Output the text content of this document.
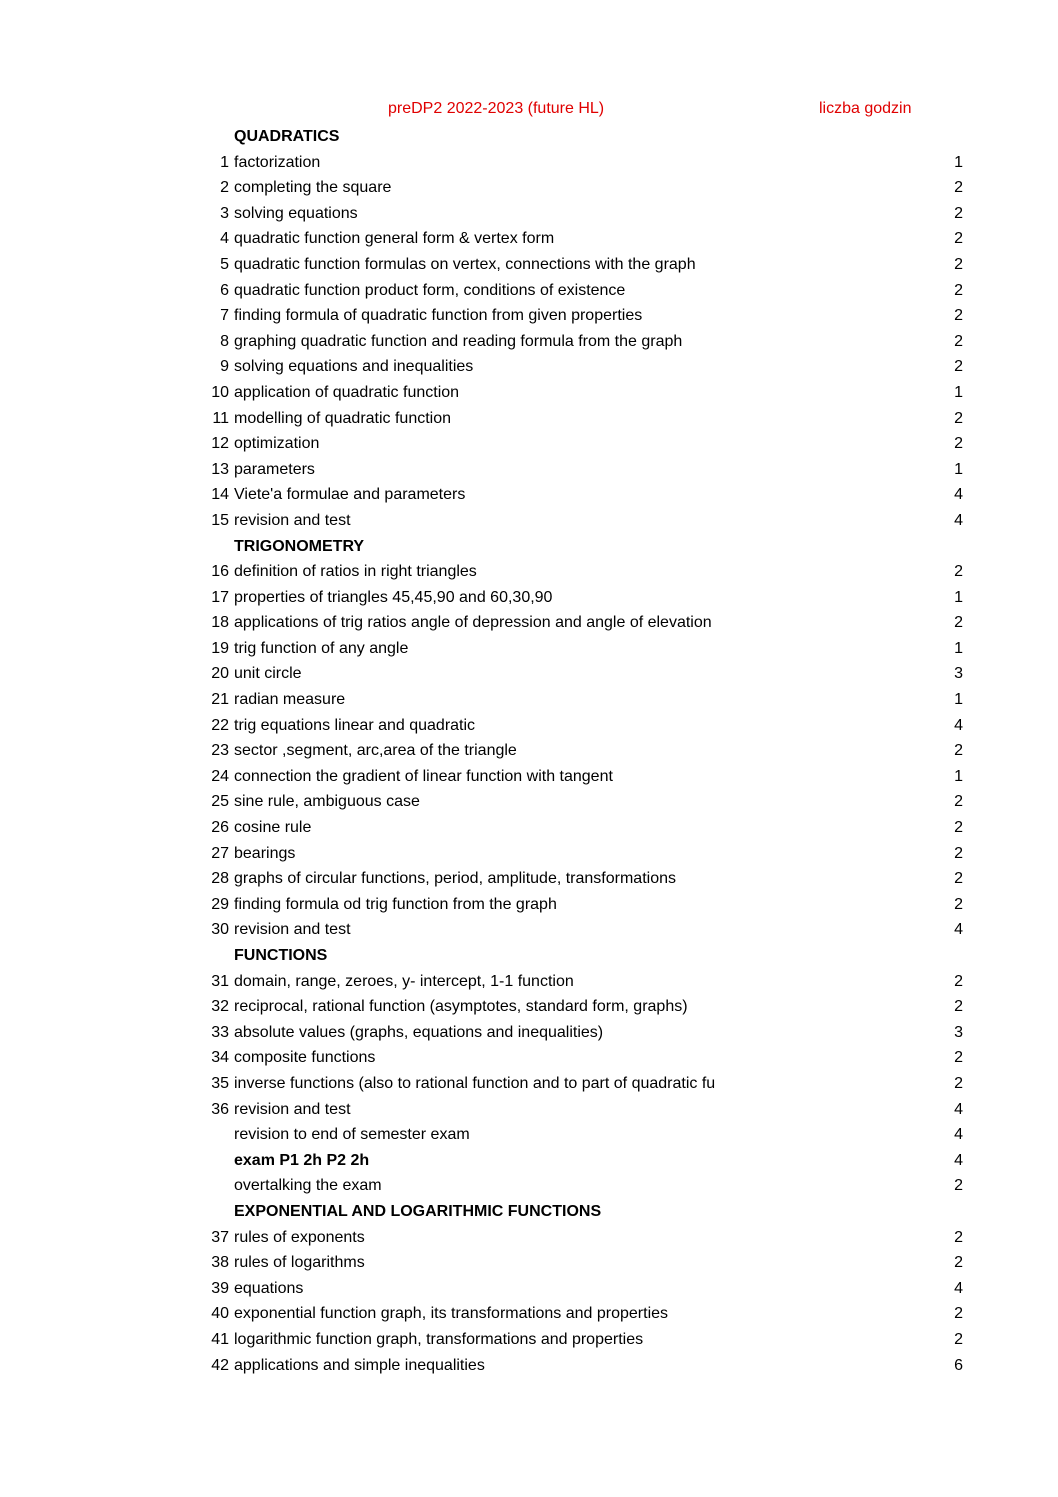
preDP2 2022-2023 (future HL)	liczba godzin
QUADRATICS
1 factorization	1
2 completing the square	2
3 solving equations	2
4 quadratic function general form & vertex form	2
5 quadratic function formulas on vertex, connections with the graph	2
6 quadratic function product form, conditions of existence	2
7 finding formula of quadratic function from given properties	2
8 graphing quadratic function and reading formula from the graph	2
9 solving equations and inequalities	2
10 application of quadratic function	1
11 modelling of quadratic function	2
12 optimization	2
13 parameters	1
14 Viete'a formulae and parameters	4
15 revision and test	4
TRIGONOMETRY
16 definition of ratios in right triangles	2
17 properties of triangles 45,45,90 and 60,30,90	1
18 applications of trig ratios angle of depression and angle of elevation	2
19 trig function of any angle	1
20 unit circle	3
21 radian measure	1
22 trig equations linear and quadratic	4
23 sector ,segment, arc,area of the triangle	2
24 connection the gradient of linear function with tangent	1
25 sine rule, ambiguous case	2
26 cosine rule	2
27 bearings	2
28 graphs of circular functions, period, amplitude, transformations	2
29 finding formula od trig function from the graph	2
30 revision and test	4
FUNCTIONS
31 domain, range, zeroes, y- intercept, 1-1 function	2
32 reciprocal, rational function (asymptotes, standard form, graphs)	2
33 absolute values (graphs, equations and inequalities)	3
34 composite functions	2
35 inverse functions (also to rational function and to part of quadratic fu	2
36 revision and test	4
revision to end of semester exam	4
exam P1 2h P2 2h	4
overtalking the exam	2
EXPONENTIAL AND LOGARITHMIC FUNCTIONS
37 rules of exponents	2
38 rules of logarithms	2
39 equations	4
40 exponential function graph, its transformations and properties	2
41 logarithmic function graph, transformations and properties	2
42 applications and simple inequalities	6
